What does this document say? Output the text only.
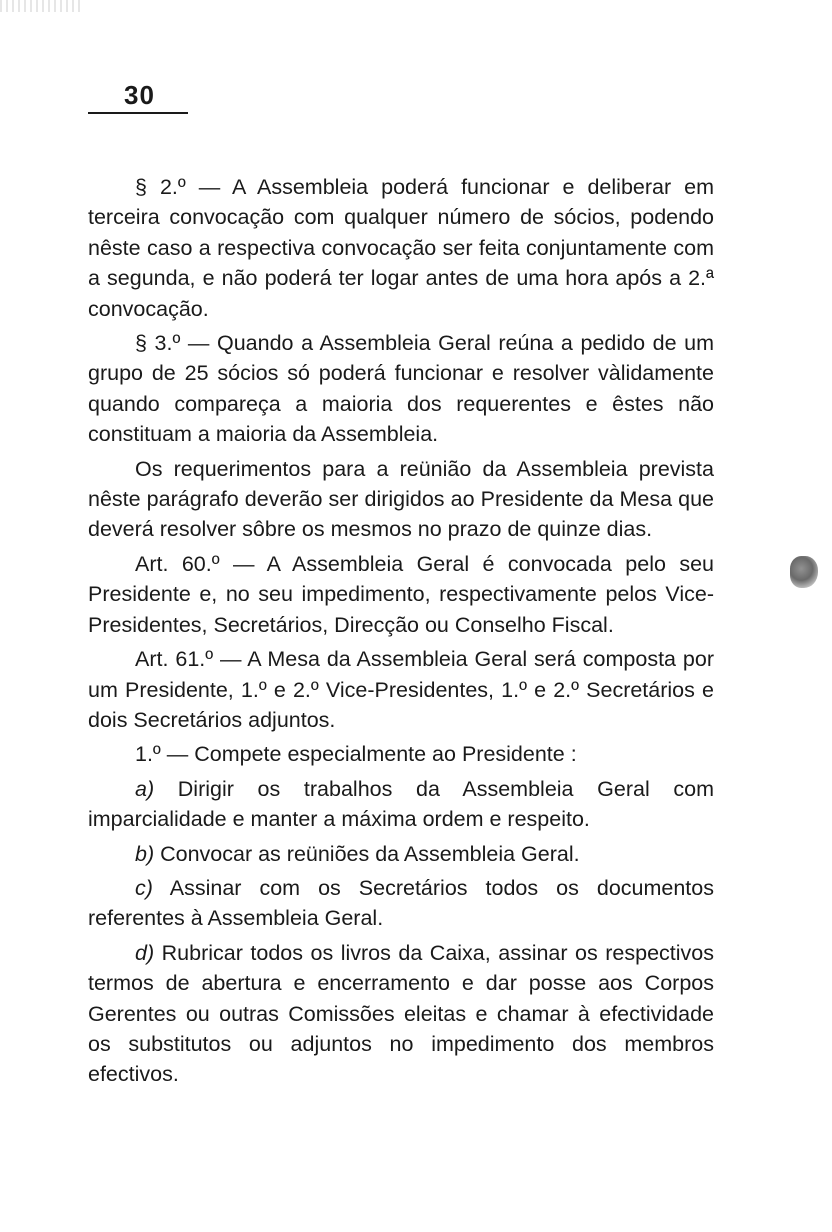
30

§ 2.º — A Assembleia poderá funcionar e deliberar em terceira convocação com qualquer número de sócios, podendo nêste caso a respectiva convocação ser feita conjuntamente com a segunda, e não poderá ter logar antes de uma hora após a 2.ª convocação.

§ 3.º — Quando a Assembleia Geral reúna a pedido de um grupo de 25 sócios só poderá funcionar e resolver vàlidamente quando compareça a maioria dos requerentes e êstes não constituam a maioria da Assembleia.

Os requerimentos para a reünião da Assembleia prevista nêste parágrafo deverão ser dirigidos ao Presidente da Mesa que deverá resolver sôbre os mesmos no prazo de quinze dias.

Art. 60.º — A Assembleia Geral é convocada pelo seu Presidente e, no seu impedimento, respectivamente pelos Vice-Presidentes, Secretários, Direcção ou Conselho Fiscal.

Art. 61.º — A Mesa da Assembleia Geral será composta por um Presidente, 1.º e 2.º Vice-Presidentes, 1.º e 2.º Secretários e dois Secretários adjuntos.

1.º — Compete especialmente ao Presidente :

a) Dirigir os trabalhos da Assembleia Geral com imparcialidade e manter a máxima ordem e respeito.

b) Convocar as reüniões da Assembleia Geral.

c) Assinar com os Secretários todos os documentos referentes à Assembleia Geral.

d) Rubricar todos os livros da Caixa, assinar os respectivos termos de abertura e encerramento e dar posse aos Corpos Gerentes ou outras Comissões eleitas e chamar à efectividade os substitutos ou adjuntos no impedimento dos membros efectivos.
